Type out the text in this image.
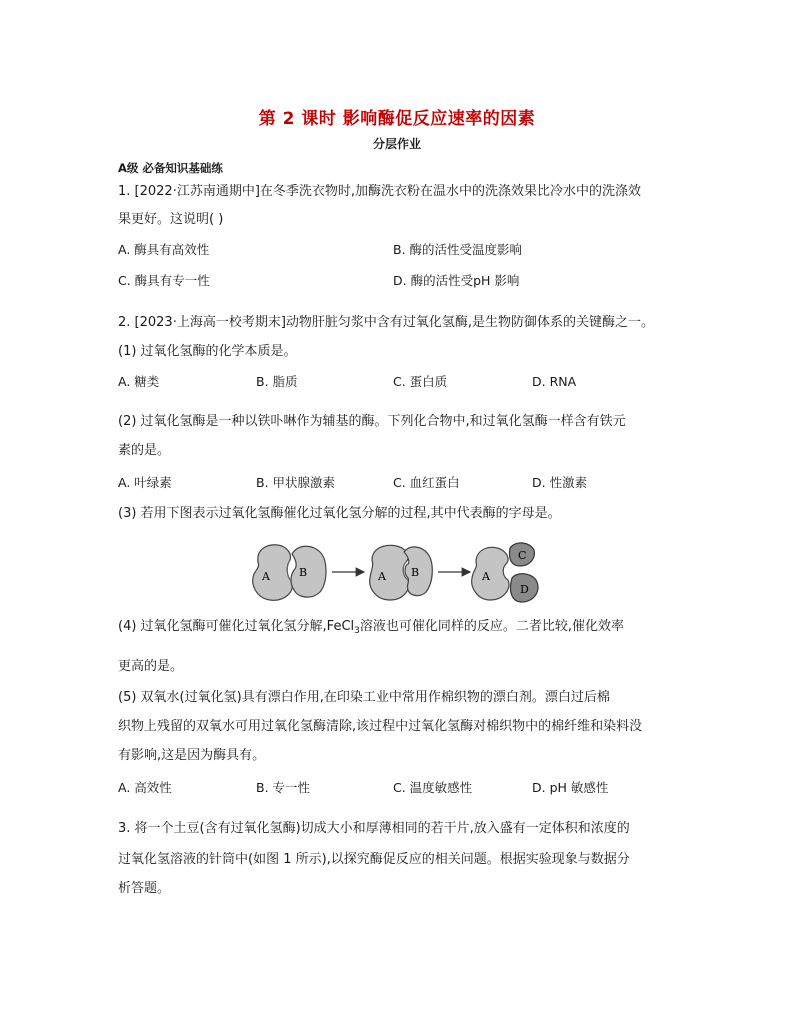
第 2 课时 影响酶促反应速率的因素
分层作业
A级 必备知识基础练
1. [2022·江苏南通期中]在冬季洗衣物时,加酶洗衣粉在温水中的洗涤效果比冷水中的洗涤效
果更好。这说明( )
A. 酶具有高效性	B. 酶的活性受温度影响
C. 酶具有专一性	D. 酶的活性受pH 影响
2. [2023·上海高一校考期末]动物肝脏匀浆中含有过氧化氢酶,是生物防御体系的关键酶之一。
(1) 过氧化氢酶的化学本质是。
A. 糖类	B. 脂质	C. 蛋白质	D. RNA
(2) 过氧化氢酶是一种以铁卟啉作为辅基的酶。下列化合物中,和过氧化氢酶一样含有铁元
素的是。
A. 叶绿素	B. 甲状腺激素	C. 血红蛋白	D. 性激素
(3) 若用下图表示过氧化氢酶催化过氧化氢分解的过程,其中代表酶的字母是。
A	B	A B	A
C
D
(4) 过氧化氢酶可催化过氧化氢分解,FeCl$_3$溶液也可催化同样的反应。二者比较,催化效率
更高的是。
(5) 双氧水(过氧化氢)具有漂白作用,在印染工业中常用作棉织物的漂白剂。漂白过后棉
织物上残留的双氧水可用过氧化氢酶清除,该过程中过氧化氢酶对棉织物中的棉纤维和染料没
有影响,这是因为酶具有。
A. 高效性	B. 专一性	C. 温度敏感性	D. pH 敏感性
3. 将一个土豆(含有过氧化氢酶)切成大小和厚薄相同的若干片,放入盛有一定体积和浓度的
过氧化氢溶液的针筒中(如图 1 所示),以探究酶促反应的相关问题。根据实验现象与数据分
析答题。
